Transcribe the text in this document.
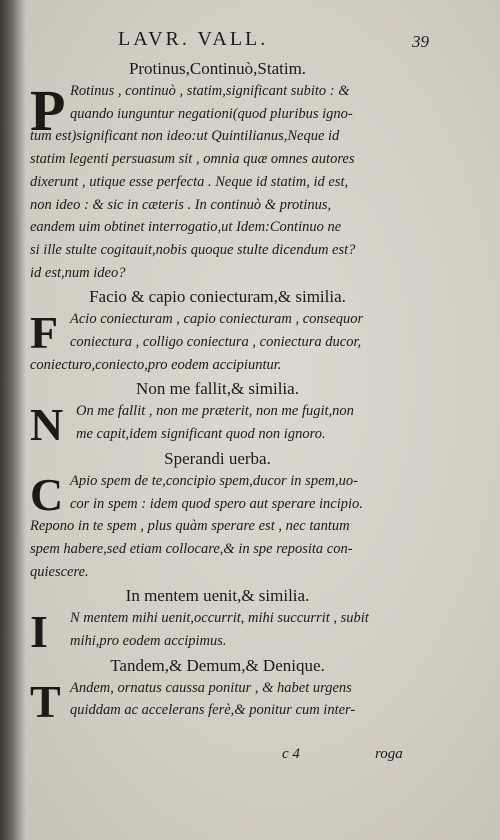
LAVR. VALL.	39
Protinus,Continuò,Statim.
P Rotinus , continuò , statim,significant subito : &
quando iunguntur negationi(quod pluribus igno-
tum est)significant non ideo:ut Quintilianus,Neque id
statim legenti persuasum sit , omnia quæ omnes autores
dixerunt , utique esse perfecta . Neque id statim, id est,
non ideo : & sic in cæteris . In continuò & protinus,
eandem uim obtinet interrogatio,ut Idem:Continuo ne
si ille stulte cogitauit,nobis quoque stulte dicendum est?
id est,num ideo?
Facio & capio coniecturam,& similia.
F Acio coniecturam , capio coniecturam , consequor
coniectura , colligo coniectura , coniectura ducor,
coniecturo,coniecto,pro eodem accipiuntur.
Non me fallit,& similia.
N On me fallit , non me præterit, non me fugit,non
me capit,idem significant quod non ignoro.
Sperandi uerba.
C Apio spem de te,concipio spem,ducor in spem,uo-
cor in spem : idem quod spero aut sperare incipio.
Repono in te spem , plus quàm sperare est , nec tantum
spem habere,sed etiam collocare,& in spe reposita con-
quiescere.
In mentem uenit,& similia.
I	N mentem mihi uenit,occurrit, mihi succurrit , subit
mihi,pro eodem accipimus.
Tandem,& Demum,& Denique.
T Andem, ornatus caussa ponitur , & habet urgens
quiddam ac accelerans ferè,& ponitur cum inter-
c 4	roga
